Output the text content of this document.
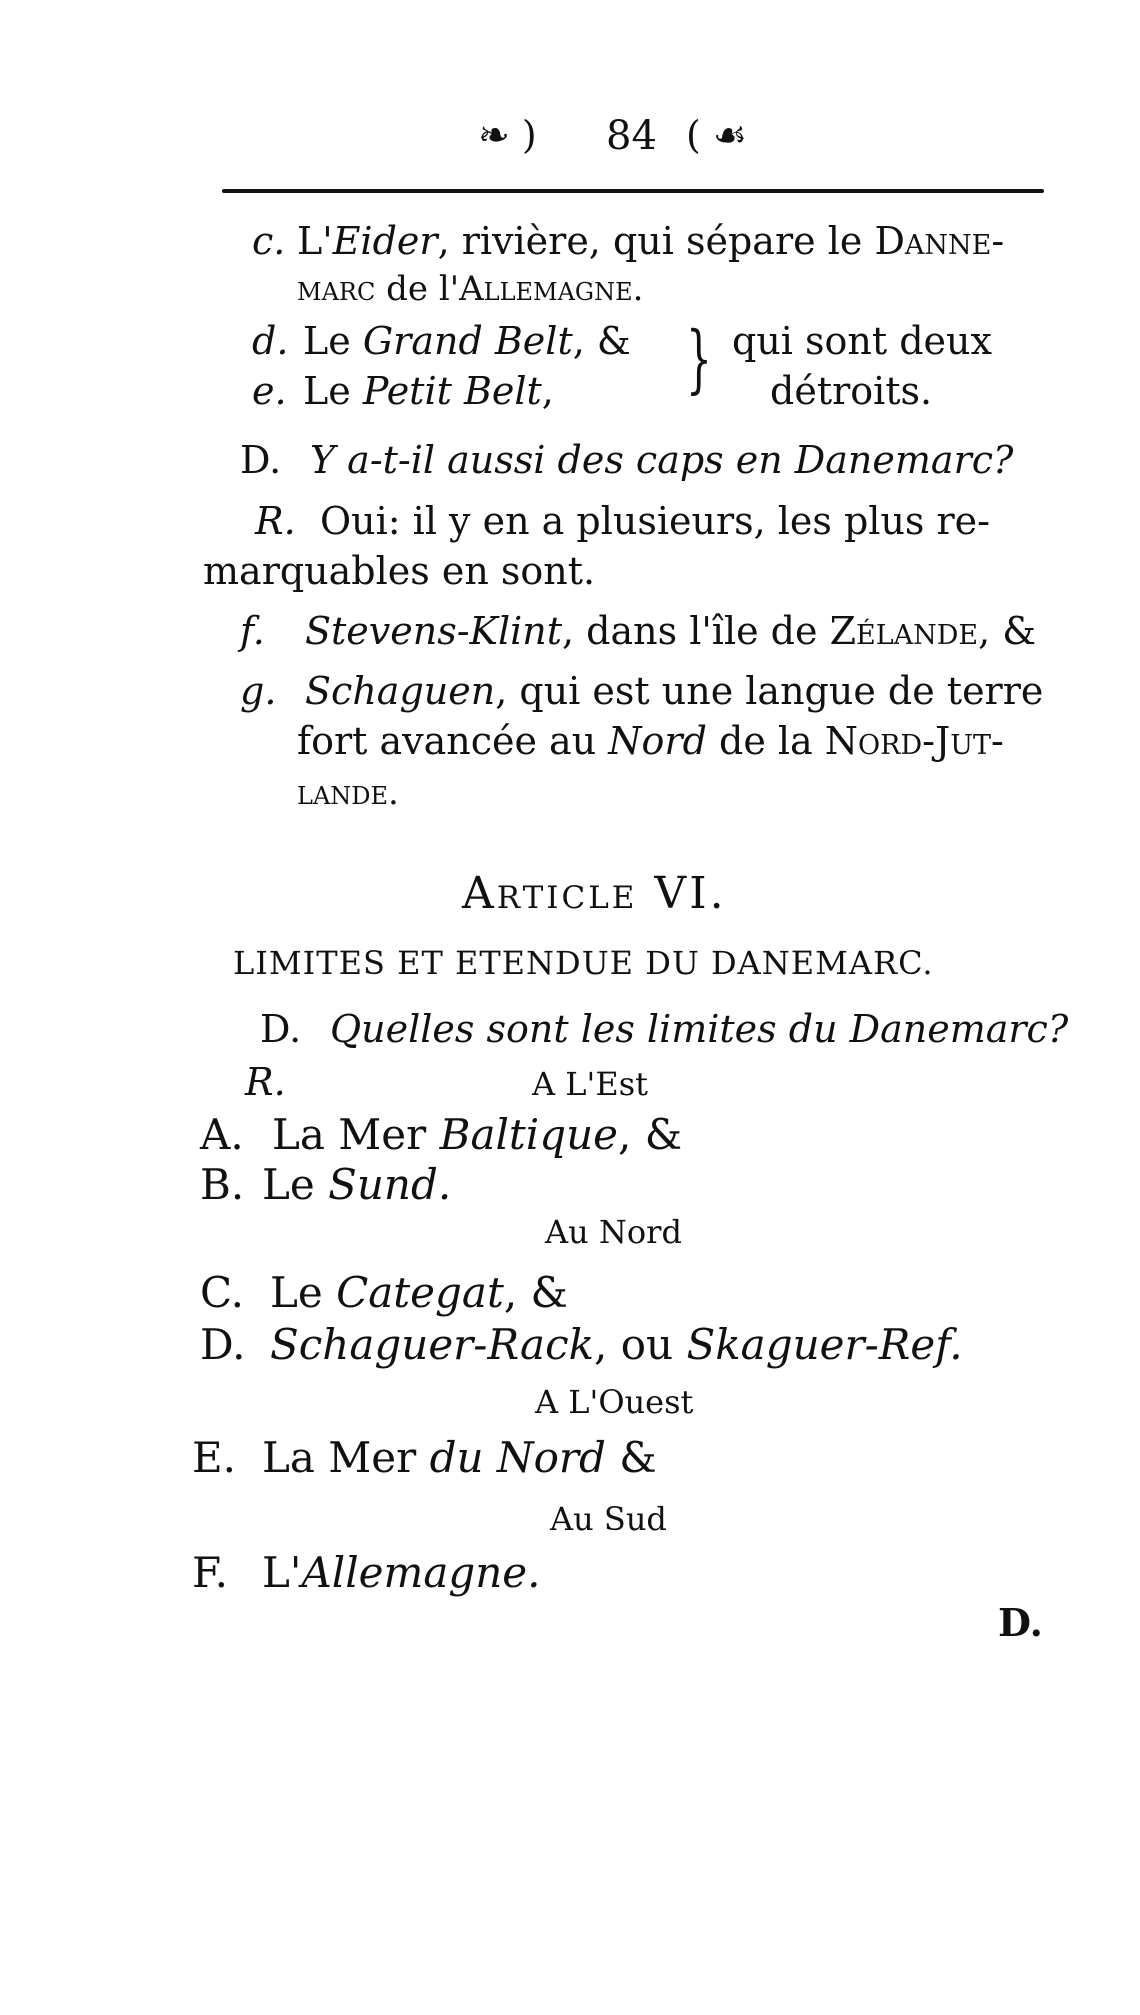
❧ ) 84 ( ☙
c. L'Eider, rivière, qui sépare le Danne-
marc de l'Allemagne.
d. Le Grand Belt, &
e. Le Petit Belt, } qui sont deux
détroits.
D. Y a-t-il aussi des caps en Danemarc?
R. Oui: il y en a plusieurs, les plus re-
marquables en sont.
f. Stevens-Klint, dans l'île de Zélande, &
g. Schaguen, qui est une langue de terre
fort avancée au Nord de la Nord-Jut-
lande.
Article VI.
LIMITES ET ETENDUE DU DANEMARC.
D. Quelles sont les limites du Danemarc?
R.	A L'Est
A. La Mer Baltique, &
B. Le Sund.
Au Nord
C. Le Categat, &
D. Schaguer-Rack, ou Skaguer-Ref.
A L'Ouest
E. La Mer du Nord &
Au Sud
F. L'Allemagne.
D.
